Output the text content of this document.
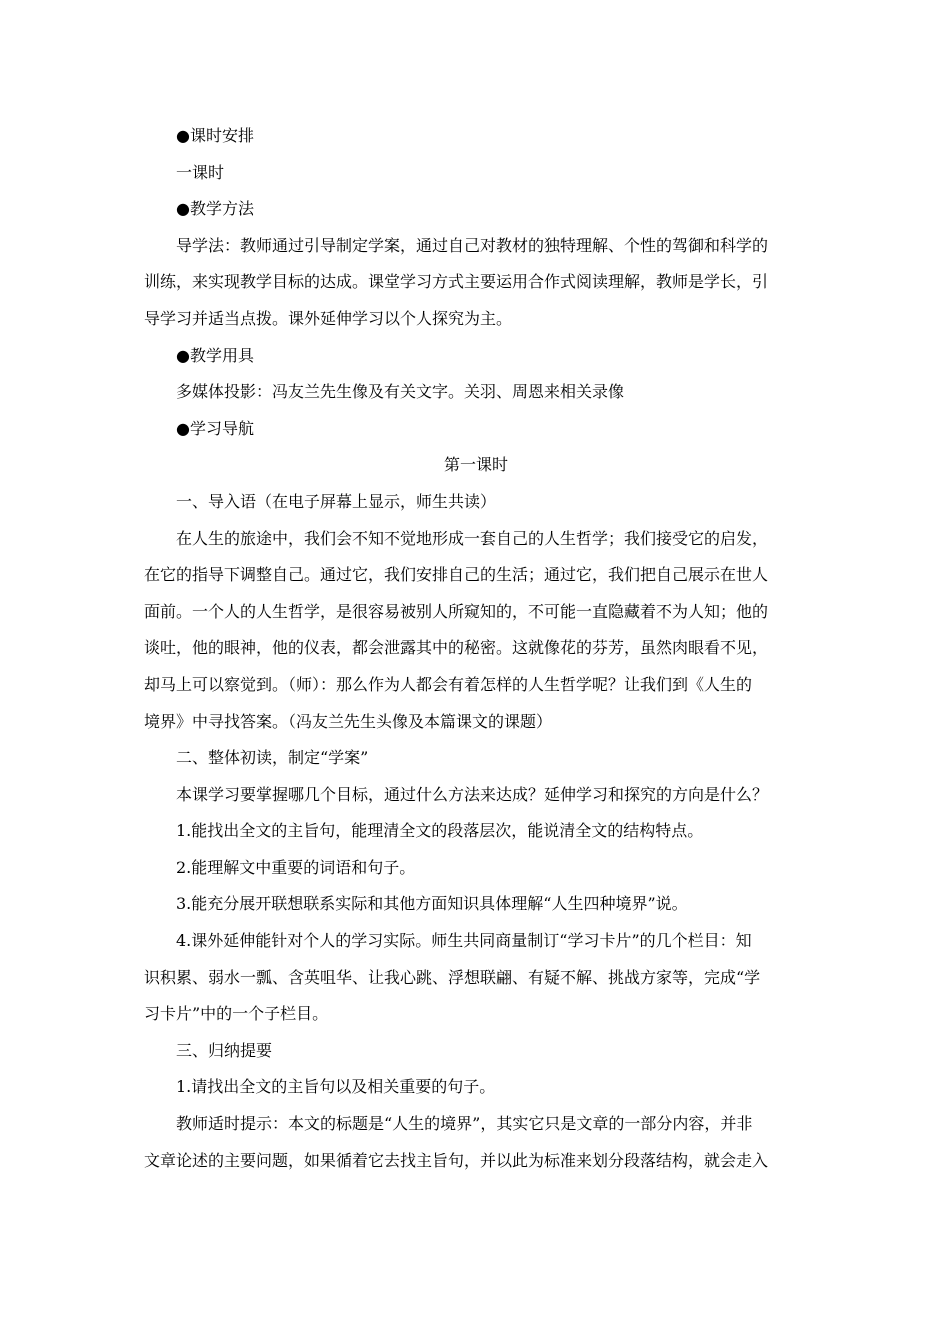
● 课时安排
一课时
● 教学方法
导学法：教师通过引导制定学案，通过自己对教材的独特理解、个性的驾御和科学的
训练，来实现教学目标的达成。课堂学习方式主要运用合作式阅读理解，教师是学长，引
导学习并适当点拨。课外延伸学习以个人探究为主。
● 教学用具
多媒体投影：冯友兰先生像及有关文字。关羽、周恩来相关录像
● 学习导航
第一课时
一、导入语（在电子屏幕上显示，师生共读）
在人生的旅途中，我们会不知不觉地形成一套自己的人生哲学；我们接受它的启发，
在它的指导下调整自己。通过它，我们安排自己的生活；通过它，我们把自己展示在世人
面前。一个人的人生哲学，是很容易被别人所窥知的，不可能一直隐藏着不为人知；他的
谈吐，他的眼神，他的仪表，都会泄露其中的秘密。这就像花的芬芳，虽然肉眼看不见，
却马上可以察觉到。（师）：那么作为人都会有着怎样的人生哲学呢？让我们到《人生的
境界》中寻找答案。（冯友兰先生头像及本篇课文的课题）
二、整体初读，制定“学案”
本课学习要掌握哪几个目标，通过什么方法来达成？延伸学习和探究的方向是什么？
1.能找出全文的主旨句，能理清全文的段落层次，能说清全文的结构特点。
2.能理解文中重要的词语和句子。
3.能充分展开联想联系实际和其他方面知识具体理解“人生四种境界”说。
4.课外延伸能针对个人的学习实际。师生共同商量制订“学习卡片”的几个栏目：知
识积累、弱水一瓢、含英咀华、让我心跳、浮想联翩、有疑不解、挑战方家等，完成“学
习卡片”中的一个子栏目。
三、归纳提要
1.请找出全文的主旨句以及相关重要的句子。
教师适时提示：本文的标题是“人生的境界”，其实它只是文章的一部分内容，并非
文章论述的主要问题，如果循着它去找主旨句，并以此为标准来划分段落结构，就会走入
